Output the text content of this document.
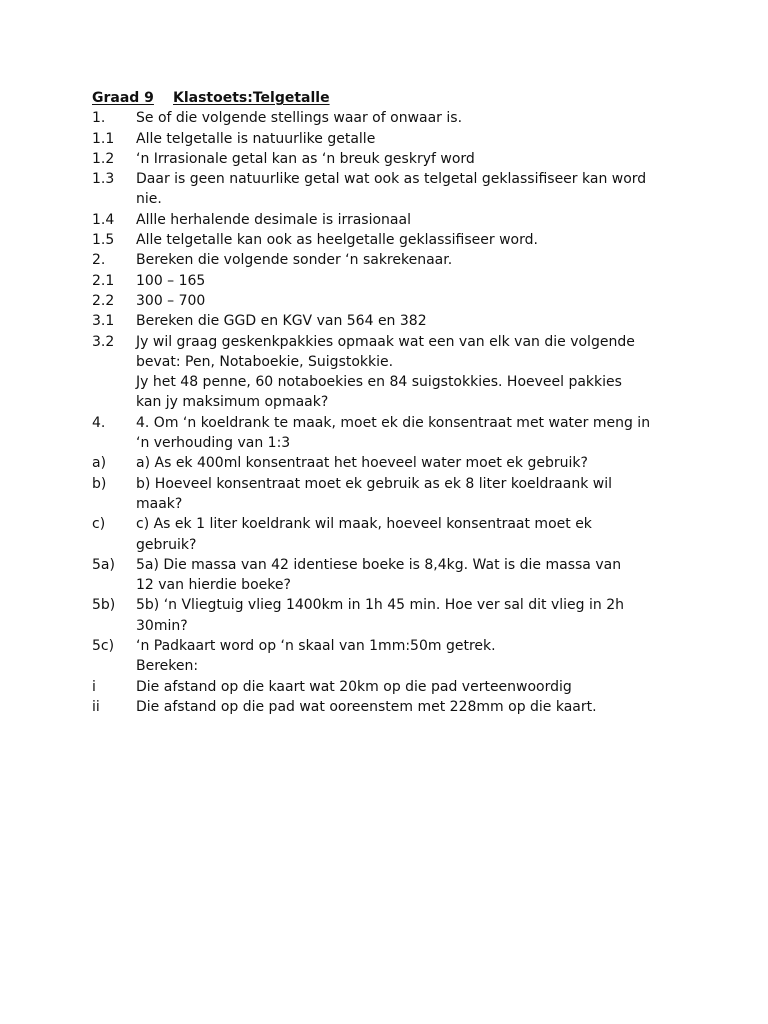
Graad 9 Klastoets:Telgetalle
1.	Se of die volgende stellings waar of onwaar is.
1.1	Alle telgetalle is natuurlike getalle
1.2	‘n Irrasionale getal kan as ‘n breuk geskryf word
1.3	Daar is geen natuurlike getal wat ook as telgetal geklassifiseer kan word
nie.
1.4	Allle herhalende desimale is irrasionaal
1.5	Alle telgetalle kan ook as heelgetalle geklassifiseer word.
2.	Bereken die volgende sonder ‘n sakrekenaar.
2.1	100 – 165
2.2	300 – 700
3.1	Bereken die GGD en KGV van 564 en 382
3.2	Jy wil graag geskenkpakkies opmaak wat een van elk van die volgende
bevat: Pen, Notaboekie, Suigstokkie.
Jy het 48 penne, 60 notaboekies en 84 suigstokkies. Hoeveel pakkies
kan jy maksimum opmaak?
4.	4. Om ‘n koeldrank te maak, moet ek die konsentraat met water meng in
‘n verhouding van 1:3
a)	a) As ek 400ml konsentraat het hoeveel water moet ek gebruik?
b)	b) Hoeveel konsentraat moet ek gebruik as ek 8 liter koeldraank wil
maak?
c)	c) As ek 1 liter koeldrank wil maak, hoeveel konsentraat moet ek
gebruik?
5a)	5a) Die massa van 42 identiese boeke is 8,4kg. Wat is die massa van
12 van hierdie boeke?
5b)	5b) ‘n Vliegtuig vlieg 1400km in 1h 45 min. Hoe ver sal dit vlieg in 2h
30min?
5c)	‘n Padkaart word op ‘n skaal van 1mm:50m getrek.
Bereken:
i	Die afstand op die kaart wat 20km op die pad verteenwoordig
ii	Die afstand op die pad wat ooreenstem met 228mm op die kaart.
